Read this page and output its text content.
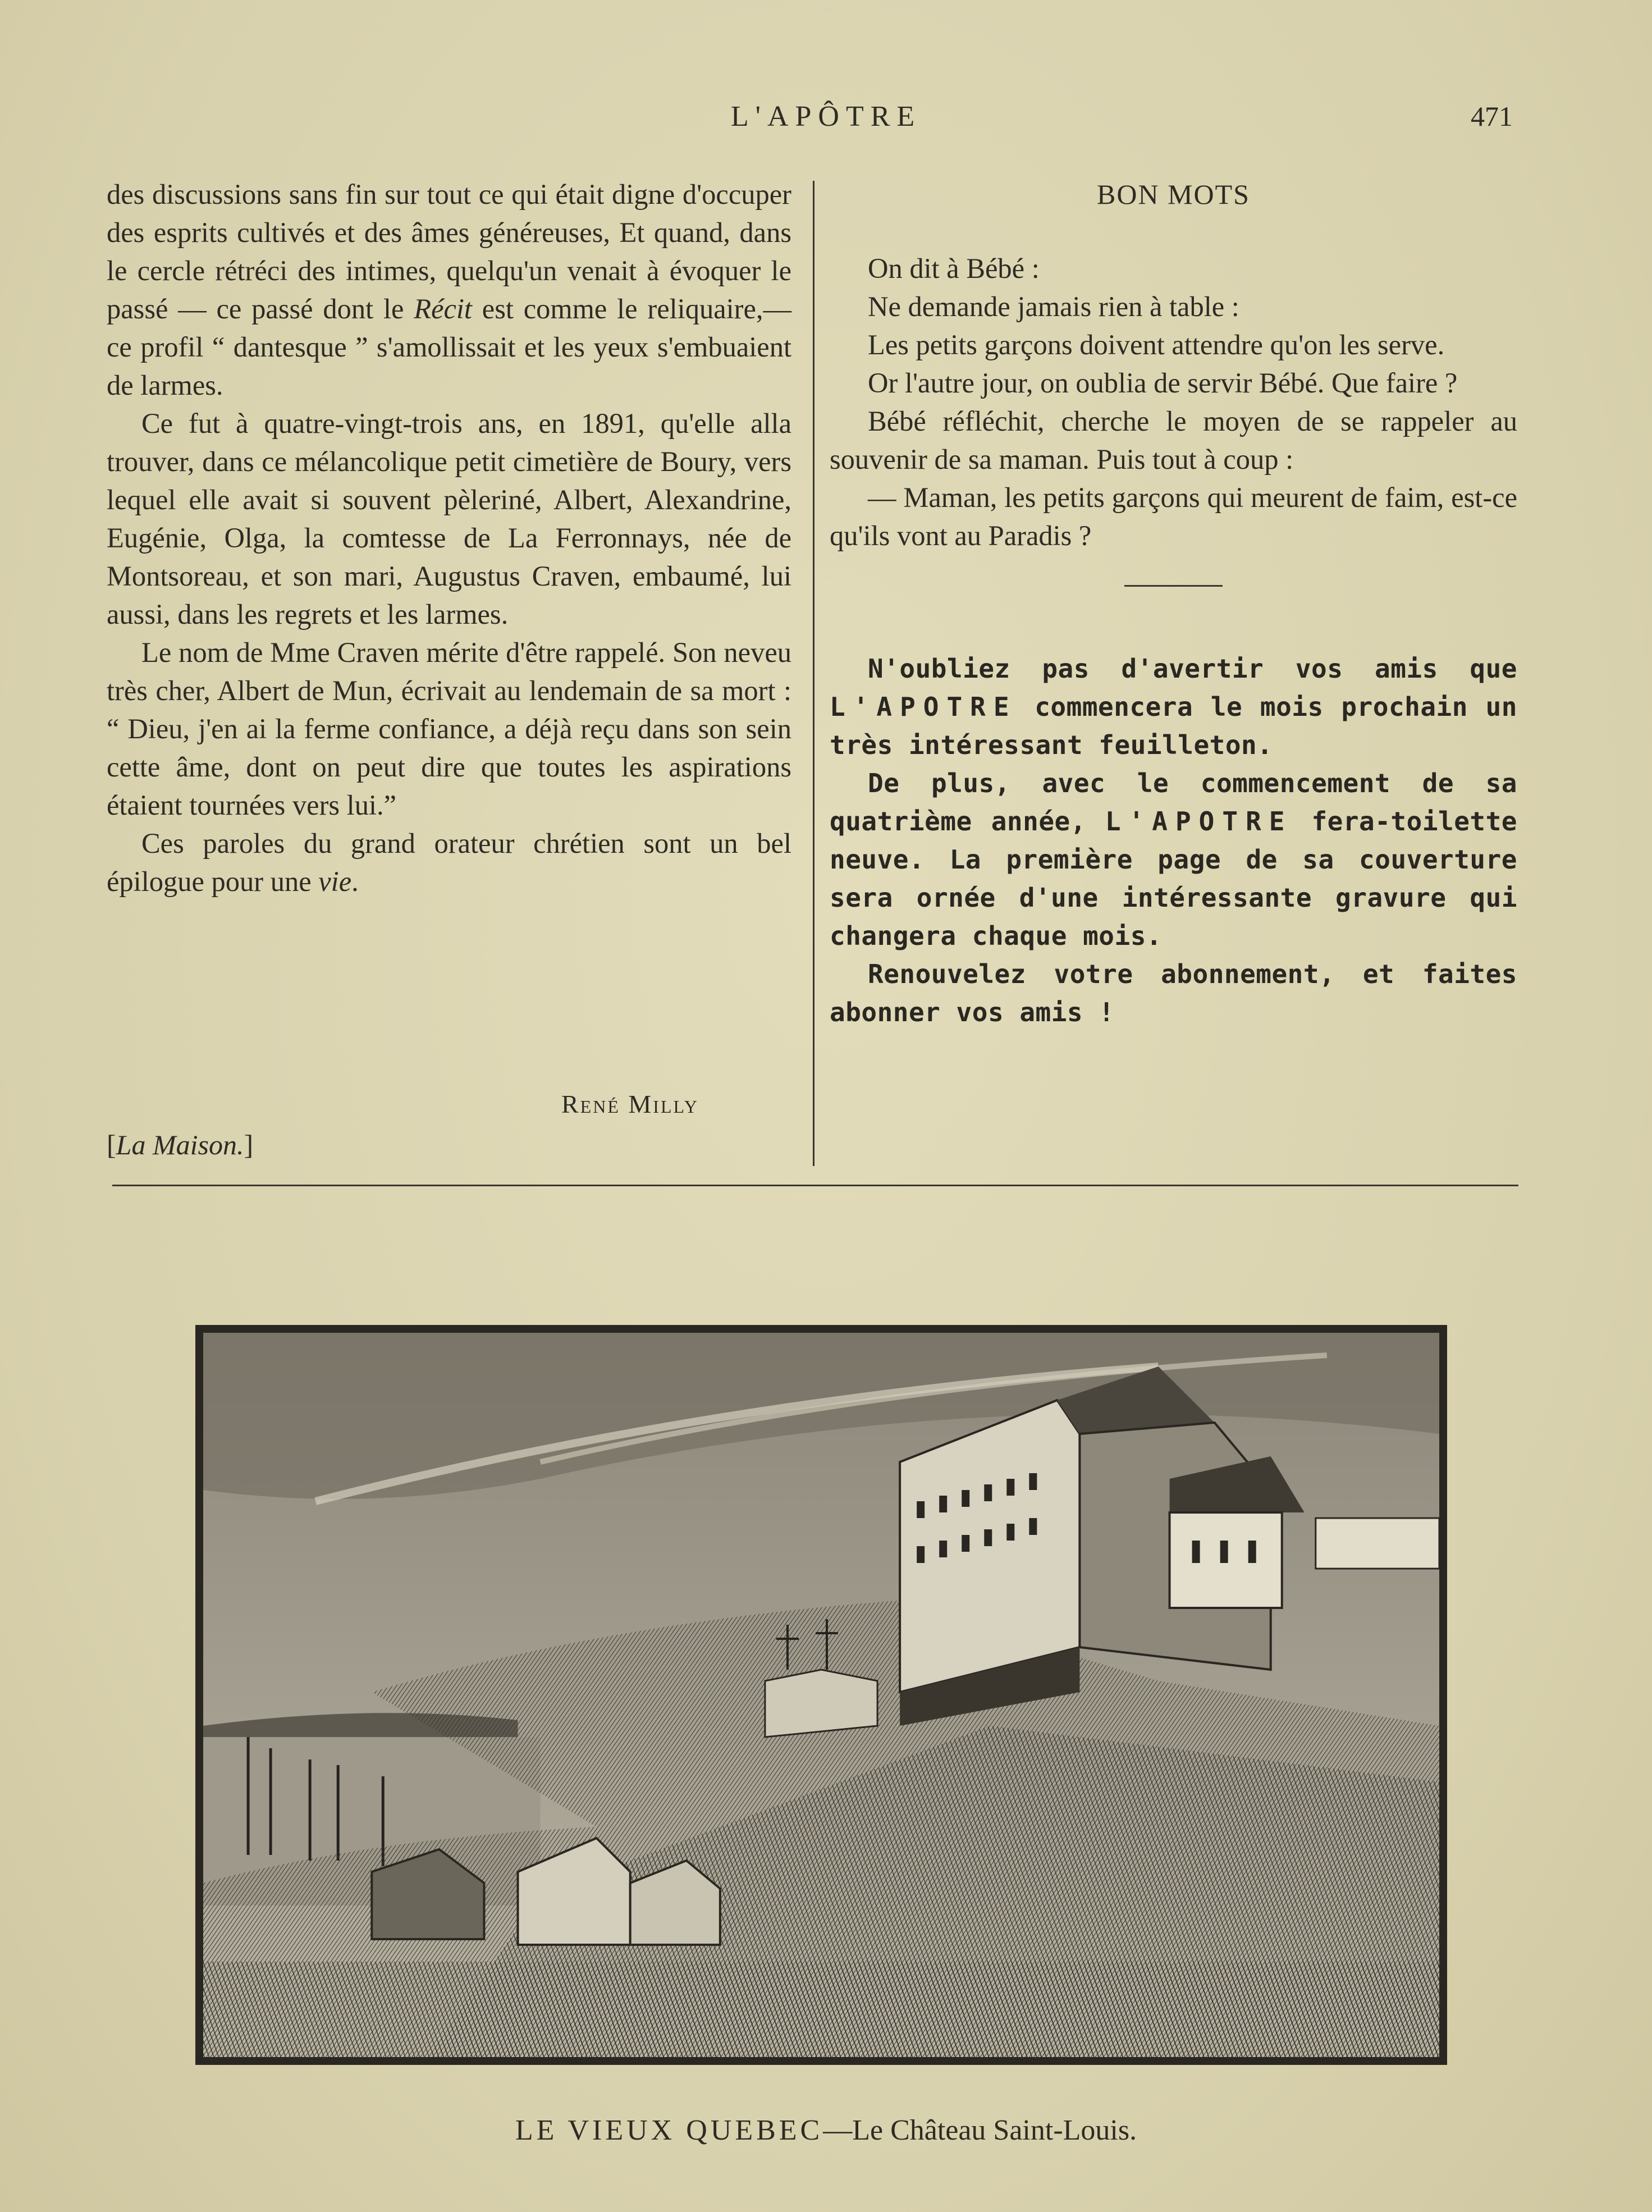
L'APÔTRE	471

des discussions sans fin sur tout ce qui était digne d'occuper des esprits cultivés et des âmes généreuses, Et quand, dans le cercle rétréci des intimes, quelqu'un venait à évoquer le passé — ce passé dont le Récit est comme le reliquaire,— ce profil “ dantesque ” s'amollissait et les yeux s'embuaient de larmes.

Ce fut à quatre-vingt-trois ans, en 1891, qu'elle alla trouver, dans ce mélancolique petit cimetière de Boury, vers lequel elle avait si souvent pèleriné, Albert, Alexandrine, Eugénie, Olga, la comtesse de La Ferronnays, née de Montsoreau, et son mari, Augustus Craven, embaumé, lui aussi, dans les regrets et les larmes.

Le nom de Mme Craven mérite d'être rappelé. Son neveu très cher, Albert de Mun, écrivait au lendemain de sa mort : “ Dieu, j'en ai la ferme confiance, a déjà reçu dans son sein cette âme, dont on peut dire que toutes les aspirations étaient tournées vers lui.”

Ces paroles du grand orateur chrétien sont un bel épilogue pour une vie.

René Milly
[La Maison.]

BON MOTS

On dit à Bébé :

Ne demande jamais rien à table :

Les petits garçons doivent attendre qu'on les serve.

Or l'autre jour, on oublia de servir Bébé. Que faire ?

Bébé réfléchit, cherche le moyen de se rappeler au souvenir de sa maman. Puis tout à coup :

— Maman, les petits garçons qui meurent de faim, est-ce qu'ils vont au Paradis ?

N'oubliez pas d'avertir vos amis que L'APOTRE commencera le mois prochain un très intéressant feuilleton.

De plus, avec le commencement de sa quatrième année, L'APOTRE fera-toilette neuve. La première page de sa couverture sera ornée d'une intéressante gravure qui changera chaque mois.

Renouvelez votre abonnement, et faites abonner vos amis !

LE VIEUX QUEBEC—Le Château Saint-Louis.
